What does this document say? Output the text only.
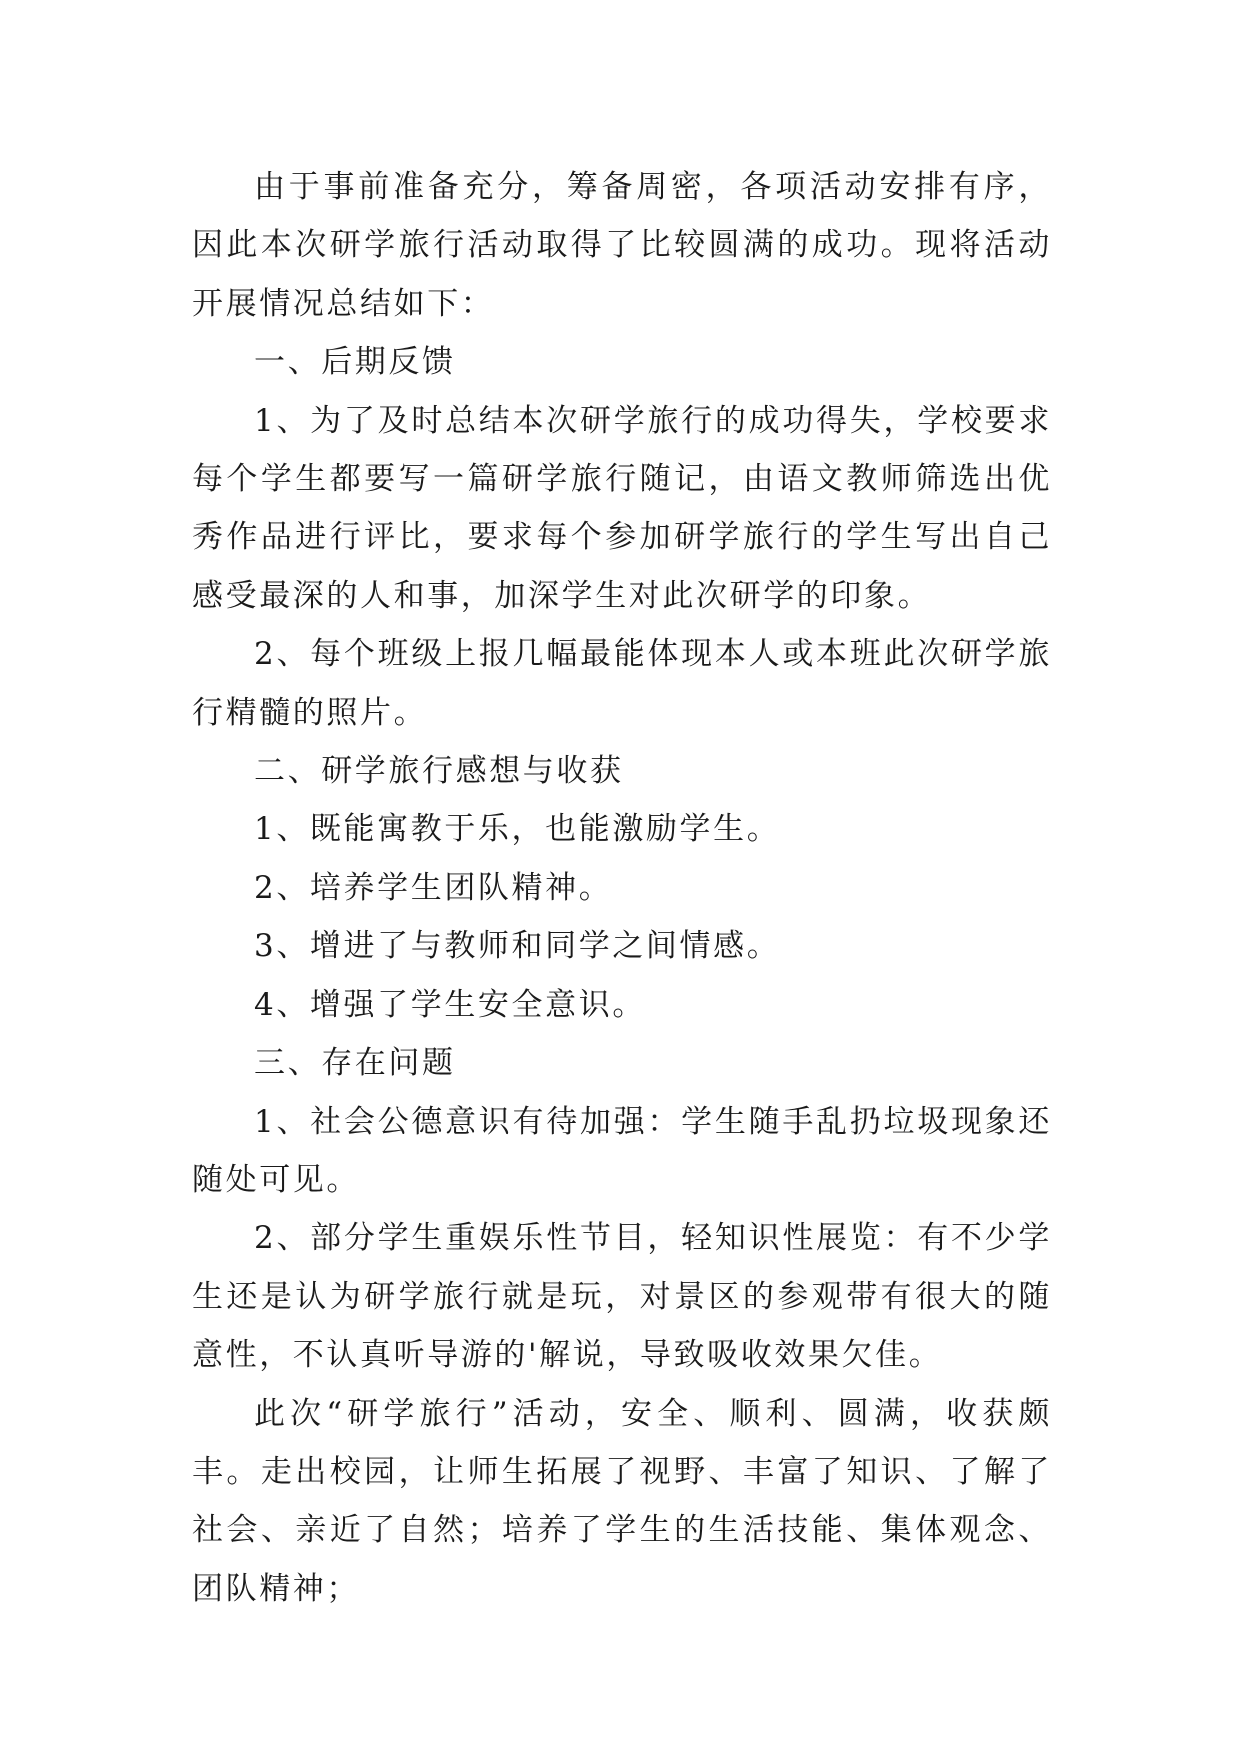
由于事前准备充分，筹备周密，各项活动安排有序，因此本次研学旅行活动取得了比较圆满的成功。现将活动开展情况总结如下：

一、后期反馈

1、为了及时总结本次研学旅行的成功得失，学校要求每个学生都要写一篇研学旅行随记，由语文教师筛选出优秀作品进行评比，要求每个参加研学旅行的学生写出自己感受最深的人和事，加深学生对此次研学的印象。

2、每个班级上报几幅最能体现本人或本班此次研学旅行精髓的照片。

二、研学旅行感想与收获

1、既能寓教于乐，也能激励学生。

2、培养学生团队精神。

3、增进了与教师和同学之间情感。

4、增强了学生安全意识。

三、存在问题

1、社会公德意识有待加强：学生随手乱扔垃圾现象还随处可见。

2、部分学生重娱乐性节目，轻知识性展览：有不少学生还是认为研学旅行就是玩，对景区的参观带有很大的随意性，不认真听导游的'解说，导致吸收效果欠佳。

此次“研学旅行”活动，安全、顺利、圆满，收获颇丰。走出校园，让师生拓展了视野、丰富了知识、了解了社会、亲近了自然；培养了学生的生活技能、集体观念、团队精神；
